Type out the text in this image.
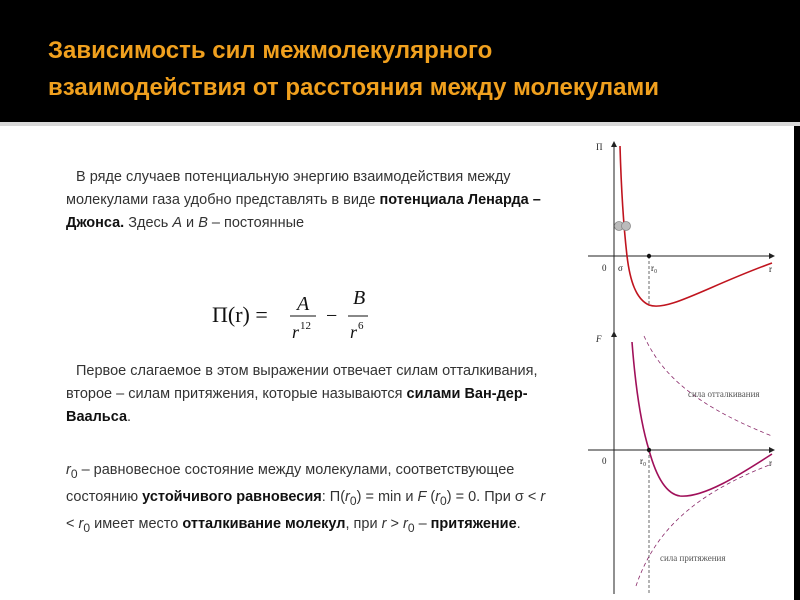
Зависимость сил межмолекулярного
взаимодействия от расстояния между молекулами

В ряде случаев потенциальную энергию взаимодействия между молекулами газа удобно представлять в виде потенциала Ленарда – Джонса. Здесь A и B – постоянные

Π(r) = A
r 12 −
B
r 6

Первое слагаемое в этом выражении отвечает силам отталкивания, второе – силам притяжения, которые называются силами Ван-дер-Ваальса.

$r_0$ – равновесное состояние между молекулами, соответствующее состоянию устойчивого равновесия: $П(r_0) = \min и$ F $(r_0) = 0$. При $\sigma < r < r_0$ имеет место отталкивание молекул, при $r > r_0$ – притяжение.

Π
0 σ	r₀	r
F
0	r₀	r
сила отталкивания
сила притяжения
